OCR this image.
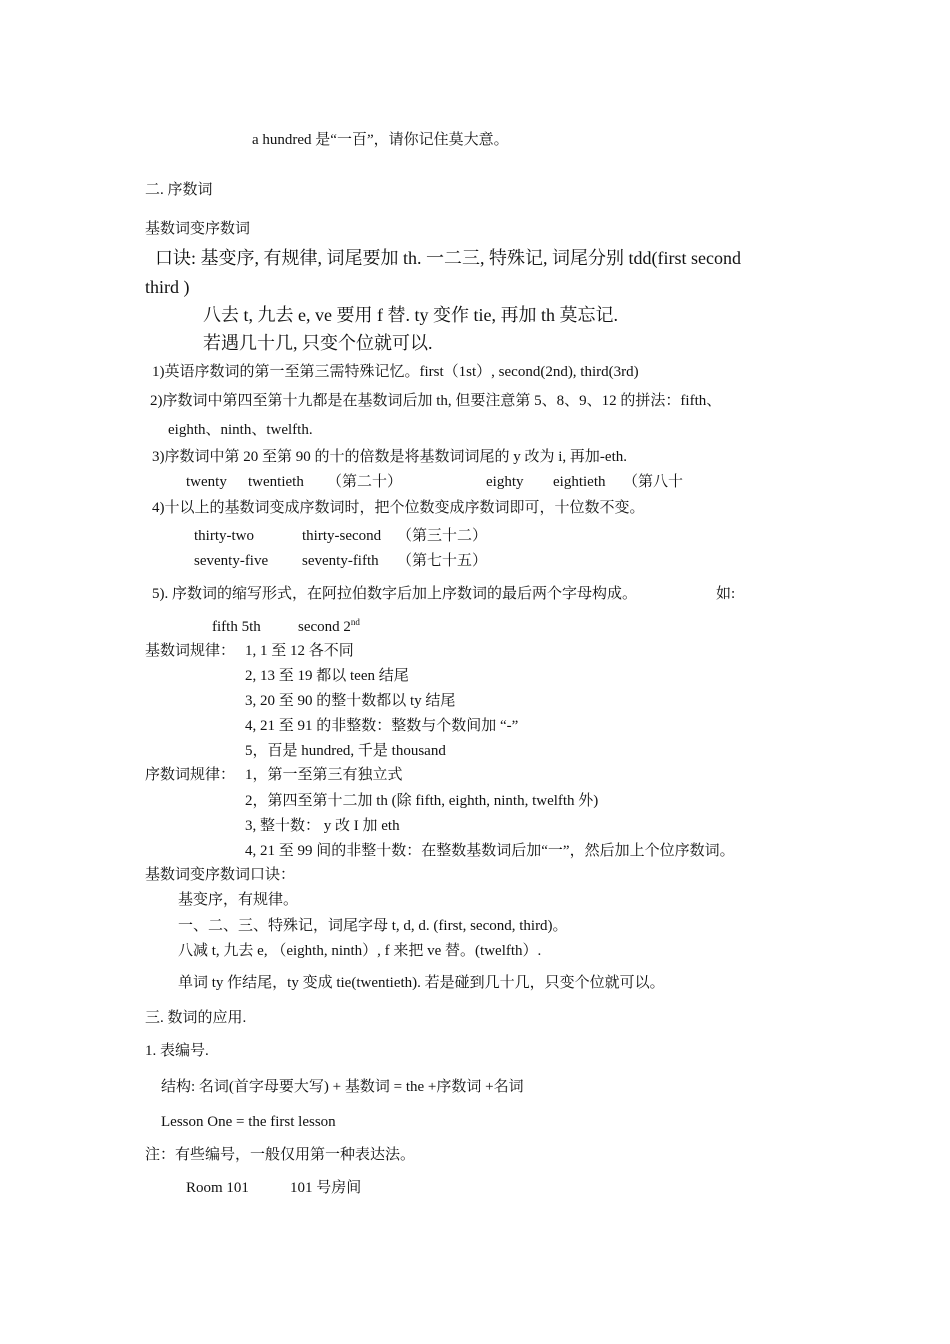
a hundred 是“一百”，请你记住莫大意。
二. 序数词
基数词变序数词
口诀: 基变序, 有规律, 词尾要加 th. 一二三, 特殊记, 词尾分别 tdd(first second
third )
八去 t, 九去 e, ve 要用 f 替. ty 变作 tie, 再加 th 莫忘记.
若遇几十几, 只变个位就可以.
1)英语序数词的第一至第三需特殊记忆。first（1st）, second(2nd), third(3rd)
2)序数词中第四至第十九都是在基数词后加 th, 但要注意第 5、8、9、12 的拼法：fifth、
eighth、ninth、twelfth.
3)序数词中第 20 至第 90 的十的倍数是将基数词词尾的 y 改为 i, 再加-eth.
twenty twentieth （第二十）	eighty eightieth （第八十
4)十以上的基数词变成序数词时，把个位数变成序数词即可，十位数不变。
thirty-two	thirty-second （第三十二）
seventy-five seventy-fifth （第七十五）
5). 序数词的缩写形式，在阿拉伯数字后加上序数词的最后两个字母构成。	如:
fifth 5th second 2nd
基数词规律： 1, 1 至 12 各不同
2, 13 至 19 都以 teen 结尾
3, 20 至 90 的整十数都以 ty 结尾
4, 21 至 91 的非整数：整数与个数间加 “-”
5，百是 hundred, 千是 thousand
序数词规律： 1，第一至第三有独立式
2，第四至第十二加 th (除 fifth, eighth, ninth, twelfth 外)
3, 整十数： y 改 I 加 eth
4, 21 至 99 间的非整十数：在整数基数词后加“一”，然后加上个位序数词。
基数词变序数词口诀：
基变序，有规律。
一、二、三、特殊记，词尾字母 t, d, d. (first, second, third)。
八减 t, 九去 e, （eighth, ninth）, f 来把 ve 替。(twelfth）.
单词 ty 作结尾，ty 变成 tie(twentieth). 若是碰到几十几，只变个位就可以。
三. 数词的应用.
1. 表编号.
结构: 名词(首字母要大写) + 基数词 = the +序数词 +名词
Lesson One = the first lesson
注：有些编号，一般仅用第一种表达法。
Room 101	101 号房间
